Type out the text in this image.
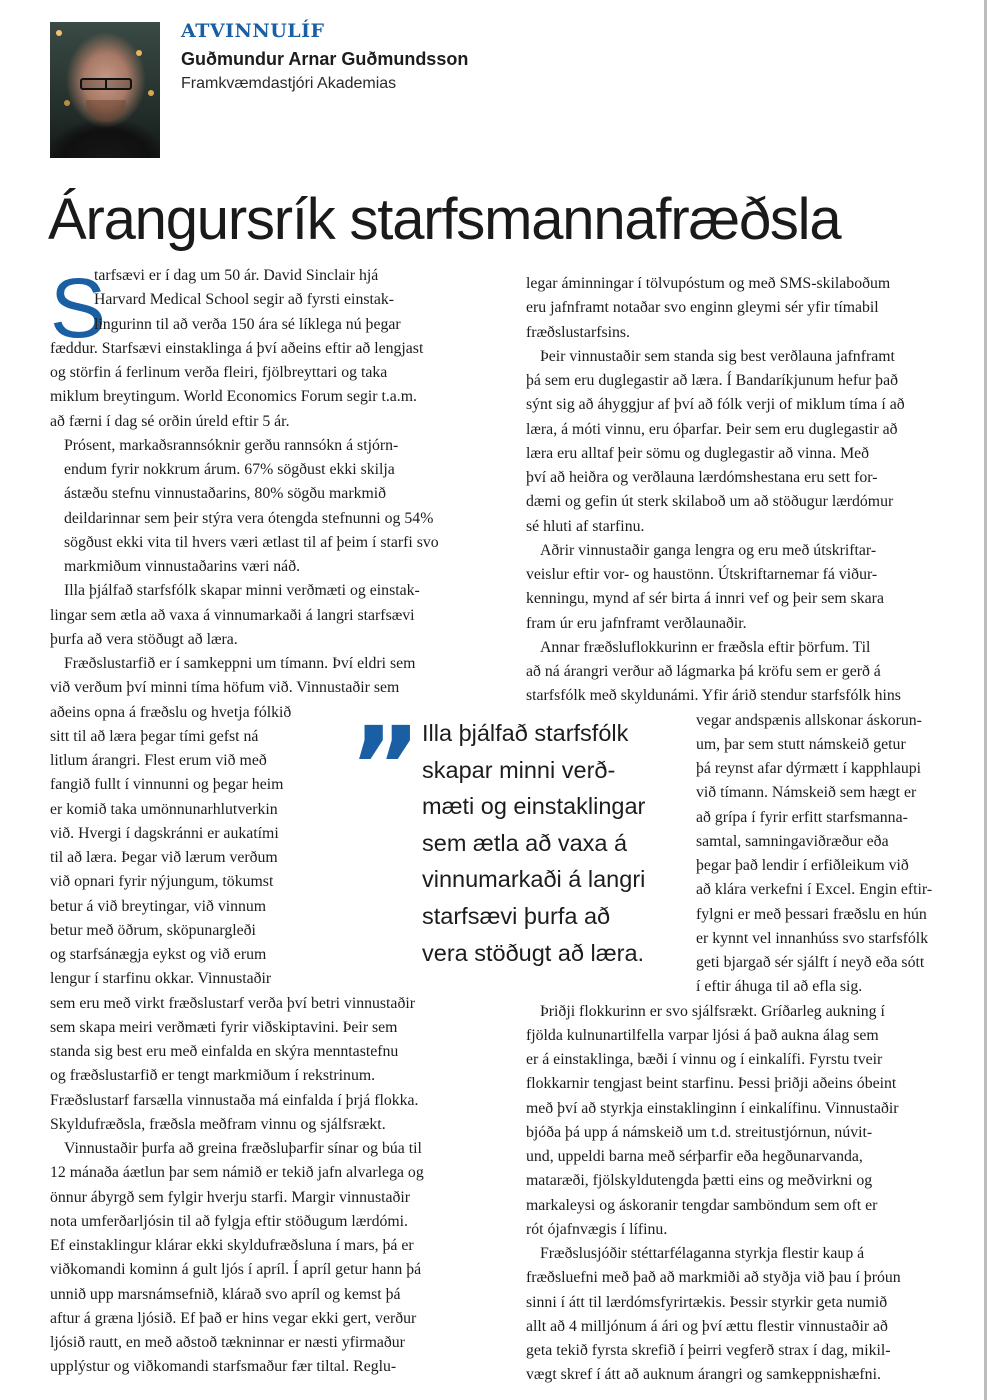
ATVINNULÍF

Guðmundur Arnar Guðmundsson

Framkvæmdastjóri Akademias

Árangursrík starfsmannafræðsla

S

tarfsævi er í dag um 50 ár. David Sinclair hjá

Harvard Medical School segir að fyrsti einstak-

lingurinn til að verða 150 ára sé líklega nú þegar

fæddur. Starfsævi einstaklinga á því aðeins eftir að lengjast

og störfin á ferlinum verða fleiri, fjölbreyttari og taka

miklum breytingum. World Economics Forum segir t.a.m.

að færni í dag sé orðin úreld eftir 5 ár.

Prósent, markaðsrannsóknir gerðu rannsókn á stjórn-

endum fyrir nokkrum árum. 67% sögðust ekki skilja

ástæðu stefnu vinnustaðarins, 80% sögðu markmið

deildarinnar sem þeir stýra vera ótengda stefnunni og 54%

sögðust ekki vita til hvers væri ætlast til af þeim í starfi svo

markmiðum vinnustaðarins væri náð.

Illa þjálfað starfsfólk skapar minni verðmæti og einstak-

lingar sem ætla að vaxa á vinnumarkaði á langri starfsævi

þurfa að vera stöðugt að læra.

Fræðslustarfið er í samkeppni um tímann. Því eldri sem

við verðum því minni tíma höfum við. Vinnustaðir sem

aðeins opna á fræðslu og hvetja fólkið

sitt til að læra þegar tími gefst ná

litlum árangri. Flest erum við með

fangið fullt í vinnunni og þegar heim

er komið taka umönnunarhlutverkin

við. Hvergi í dagskránni er aukatími

til að læra. Þegar við lærum verðum

við opnari fyrir nýjungum, tökumst

betur á við breytingar, við vinnum

betur með öðrum, sköpunargleði

og starfsánægja eykst og við erum

lengur í starfinu okkar. Vinnustaðir

sem eru með virkt fræðslustarf verða því betri vinnustaðir

sem skapa meiri verðmæti fyrir viðskiptavini. Þeir sem

standa sig best eru með einfalda en skýra menntastefnu

og fræðslustarfið er tengt markmiðum í rekstrinum.

Fræðslustarf farsællа vinnustaða má einfalda í þrjá flokka.

Skyldufræðsla, fræðsla meðfram vinnu og sjálfsrækt.

Vinnustaðir þurfa að greina fræðsluþarfir sínar og búa til

12 mánaða áætlun þar sem námið er tekið jafn alvarlega og

önnur ábyrgð sem fylgir hverju starfi. Margir vinnustaðir

nota umferðarljósin til að fylgja eftir stöðugum lærdómi.

Ef einstaklingur klárar ekki skyldufræðsluna í mars, þá er

viðkomandi kominn á gult ljós í apríl. Í apríl getur hann þá

unnið upp marsnámsefnið, klárað svo apríl og kemst þá

aftur á græna ljósið. Ef það er hins vegar ekki gert, verður

ljósið rautt, en með aðstoð tækninnar er næsti yfirmaður

upplýstur og viðkomandi starfsmaður fær tiltal. Reglu-

legar áminningar í tölvupóstum og með SMS-skilaboðum

eru jafnframt notaðar svo enginn gleymi sér yfir tímabil

fræðslustarfsins.

Þeir vinnustaðir sem standa sig best verðlauna jafnframt

þá sem eru duglegastir að læra. Í Bandaríkjunum hefur það

sýnt sig að áhyggjur af því að fólk verji of miklum tíma í að

læra, á móti vinnu, eru óþarfar. Þeir sem eru duglegastir að

læra eru alltaf þeir sömu og duglegastir að vinna. Með

því að heiðra og verðlauna lærdómshestana eru sett for-

dæmi og gefin út sterk skilaboð um að stöðugur lærdómur

sé hluti af starfinu.

Aðrir vinnustaðir ganga lengra og eru með útskriftar-

veislur eftir vor- og haustönn. Útskriftarnemar fá viður-

kenningu, mynd af sér birta á innri vef og þeir sem skara

fram úr eru jafnframt verðlaunaðir.

Annar fræðsluflokkurinn er fræðsla eftir þörfum. Til

að ná árangri verður að lágmarka þá kröfu sem er gerð á

starfsfólk með skyldunámi. Yfir árið stendur starfsfólk hins

vegar andspænis allskonar áskorun-

um, þar sem stutt námskeið getur

þá reynst afar dýrmætt í kapphlaupi

við tímann. Námskeið sem hægt er

að grípa í fyrir erfitt starfsmanna-

samtal, samningaviðræður eða

þegar það lendir í erfiðleikum við

að klára verkefni í Excel. Engin eftir-

fylgni er með þessari fræðslu en hún

er kynnt vel innanhúss svo starfsfólk

geti bjargað sér sjálft í neyð eða sótt

í eftir áhuga til að efla sig.

Þriðji flokkurinn er svo sjálfsrækt. Gríðarleg aukning í

fjölda kulnunartilfella varpar ljósi á það aukna álag sem

er á einstaklinga, bæði í vinnu og í einkalífi. Fyrstu tveir

flokkarnir tengjast beint starfinu. Þessi þriðji aðeins óbeint

með því að styrkja einstaklinginn í einkalífinu. Vinnustaðir

bjóða þá upp á námskeið um t.d. streitustjórnun, núvit-

und, uppeldi barna með sérþarfir eða hegðunarvanda,

mataræði, fjölskyldutengda þætti eins og meðvirkni og

markaleysi og áskoranir tengdar samböndum sem oft er

rót ójafnvægis í lífinu.

Fræðslusjóðir stéttarfélaganna styrkja flestir kaup á

fræðsluefni með það að markmiði að styðja við þau í þróun

sinni í átt til lærdómsfyrirtækis. Þessir styrkir geta numið

allt að 4 milljónum á ári og því ættu flestir vinnustaðir að

geta tekið fyrsta skrefið í þeirri vegferð strax í dag, mikil-

vægt skref í átt að auknum árangri og samkeppnishæfni.

” Illa þjálfað starfsfólk

skapar minni verð-

mæti og einstaklingar

sem ætla að vaxa á

vinnumarkaði á langri

starfsævi þurfa að

vera stöðugt að læra.
